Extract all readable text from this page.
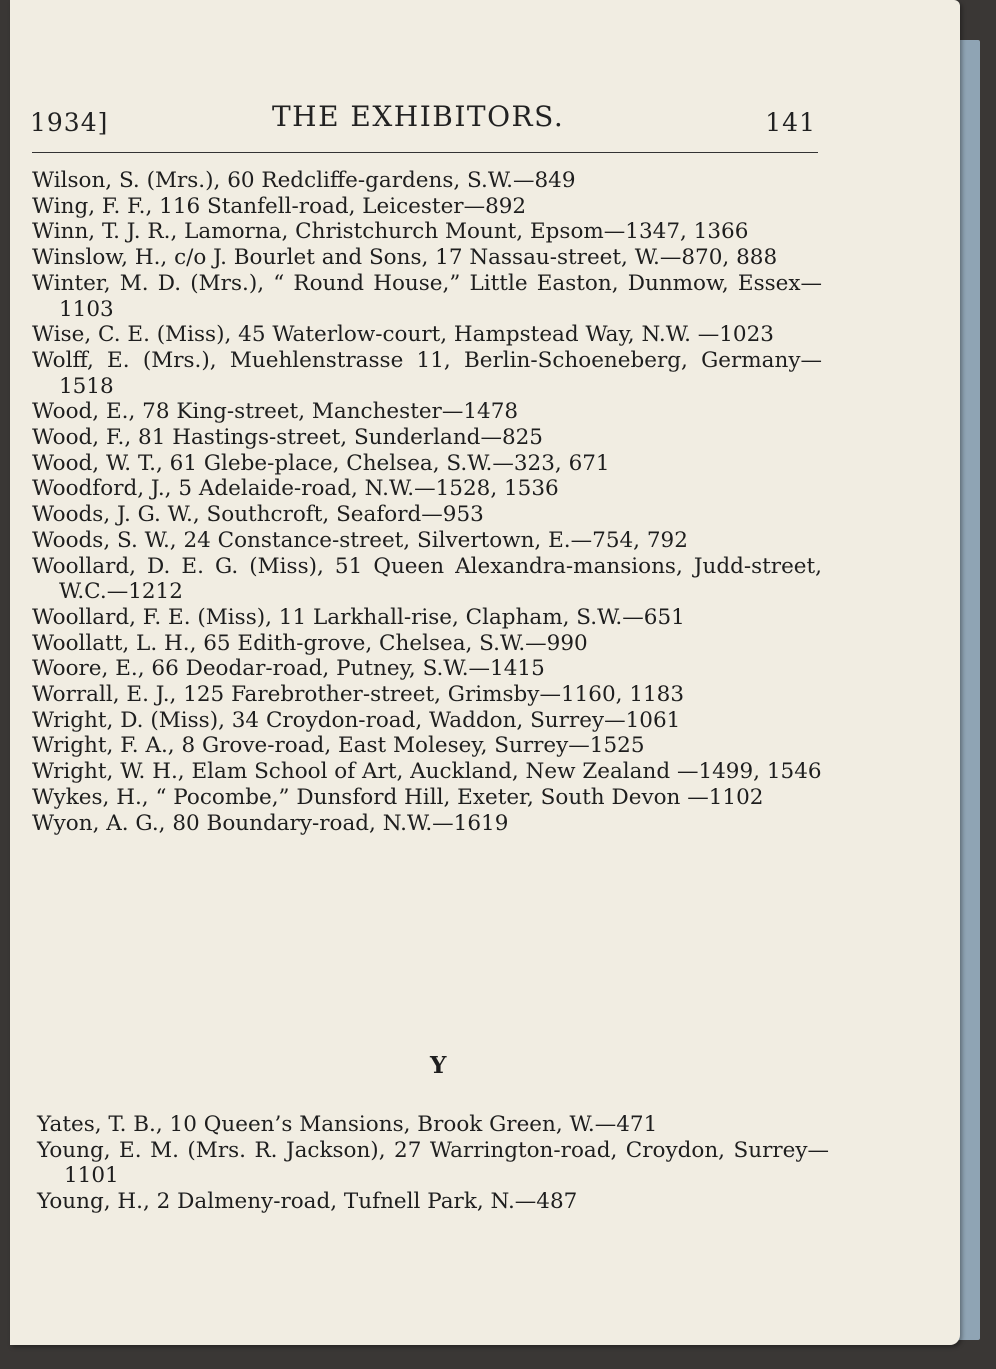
1934]	THE EXHIBITORS.	141

Wilson, S. (Mrs.), 60 Redcliffe-gardens, S.W.—849

Wing, F. F., 116 Stanfell-road, Leicester—892

Winn, T. J. R., Lamorna, Christchurch Mount, Epsom—1347, 1366

Winslow, H., c/o J. Bourlet and Sons, 17 Nassau-street, W.—870, 888

Winter, M. D. (Mrs.), “ Round House,” Little Easton, Dunmow, Essex—1103

Wise, C. E. (Miss), 45 Waterlow-court, Hampstead Way, N.W. —1023

Wolff, E. (Mrs.), Muehlenstrasse 11, Berlin-Schoeneberg, Germany—1518

Wood, E., 78 King-street, Manchester—1478

Wood, F., 81 Hastings-street, Sunderland—825

Wood, W. T., 61 Glebe-place, Chelsea, S.W.—323, 671

Woodford, J., 5 Adelaide-road, N.W.—1528, 1536

Woods, J. G. W., Southcroft, Seaford—953

Woods, S. W., 24 Constance-street, Silvertown, E.—754, 792

Woollard, D. E. G. (Miss), 51 Queen Alexandra-mansions, Judd-street, W.C.—1212

Woollard, F. E. (Miss), 11 Larkhall-rise, Clapham, S.W.—651

Woollatt, L. H., 65 Edith-grove, Chelsea, S.W.—990

Woore, E., 66 Deodar-road, Putney, S.W.—1415

Worrall, E. J., 125 Farebrother-street, Grimsby—1160, 1183

Wright, D. (Miss), 34 Croydon-road, Waddon, Surrey—1061

Wright, F. A., 8 Grove-road, East Molesey, Surrey—1525

Wright, W. H., Elam School of Art, Auckland, New Zealand —1499, 1546

Wykes, H., “ Pocombe,” Dunsford Hill, Exeter, South Devon —1102

Wyon, A. G., 80 Boundary-road, N.W.—1619

Y

Yates, T. B., 10 Queen’s Mansions, Brook Green, W.—471

Young, E. M. (Mrs. R. Jackson), 27 Warrington-road, Croydon, Surrey—1101

Young, H., 2 Dalmeny-road, Tufnell Park, N.—487
